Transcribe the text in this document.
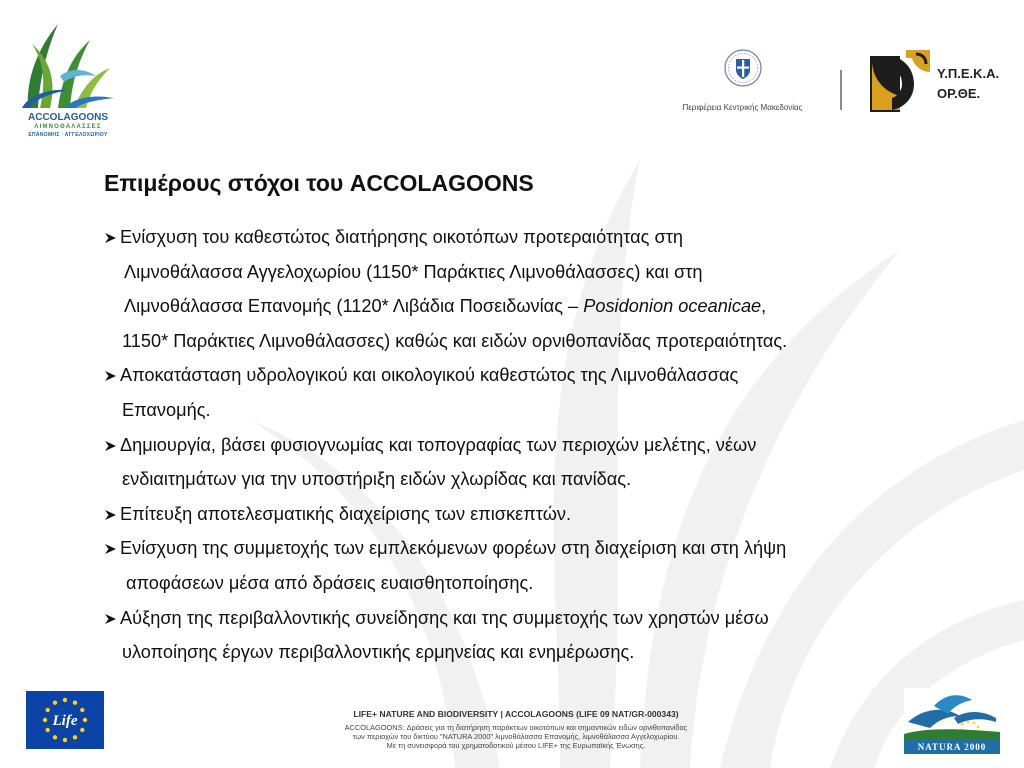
ACCOLAGOONS
ΛΙΜΝΟΘΑΛΑΣΣΕΣ
ΕΠΑΝΟΜΗΣ · ΑΓΓΕΛΟΧΩΡΙΟΥ
Περιφέρεια Κεντρικής Μακεδονίας
Υ.Π.Ε.Κ.Α.
ΟΡ.ΘΕ.
Επιμέρους στόχοι του ACCOLAGOONS
Ενίσχυση του καθεστώτος διατήρησης οικοτόπων προτεραιότητας στη
Λιμνοθάλασσα Αγγελοχωρίου (1150* Παράκτιες Λιμνοθάλασσες) και στη
Λιμνοθάλασσα Επανομής (1120* Λιβάδια Ποσειδωνίας – Posidonion oceanicae,
1150* Παράκτιες Λιμνοθάλασσες) καθώς και ειδών ορνιθοπανίδας προτεραιότητας.
Αποκατάσταση υδρολογικού και οικολογικού καθεστώτος της Λιμνοθάλασσας
Επανομής.
Δημιουργία, βάσει φυσιογνωμίας και τοπογραφίας των περιοχών μελέτης, νέων
ενδιαιτημάτων για την υποστήριξη ειδών χλωρίδας και πανίδας.
Επίτευξη αποτελεσματικής διαχείρισης των επισκεπτών.
Ενίσχυση της συμμετοχής των εμπλεκόμενων φορέων στη διαχείριση και στη λήψη
αποφάσεων μέσα από δράσεις ευαισθητοποίησης.
Αύξηση της περιβαλλοντικής συνείδησης και της συμμετοχής των χρηστών μέσω
υλοποίησης έργων περιβαλλοντικής ερμηνείας και ενημέρωσης.
Life	LIFE+ NATURE AND BIODIVERSITY | ACCOLAGOONS (LIFE 09 NAT/GR-000343)
ACCOLAGOONS: Δράσεις για τη διατήρηση παράκτιων οικοτόπων και σημαντικών ειδών ορνιθοπανίδας
των περιοχών του δικτύου "NATURA 2000" λιμνοθάλασσα Επανομής, λιμνοθάλασσα Αγγελοχωρίου.
Με τη συνεισφορά του χρηματοδοτικού μέσου LIFE+ της Ευρωπαϊκής Ένωσης.	NATURA 2000
